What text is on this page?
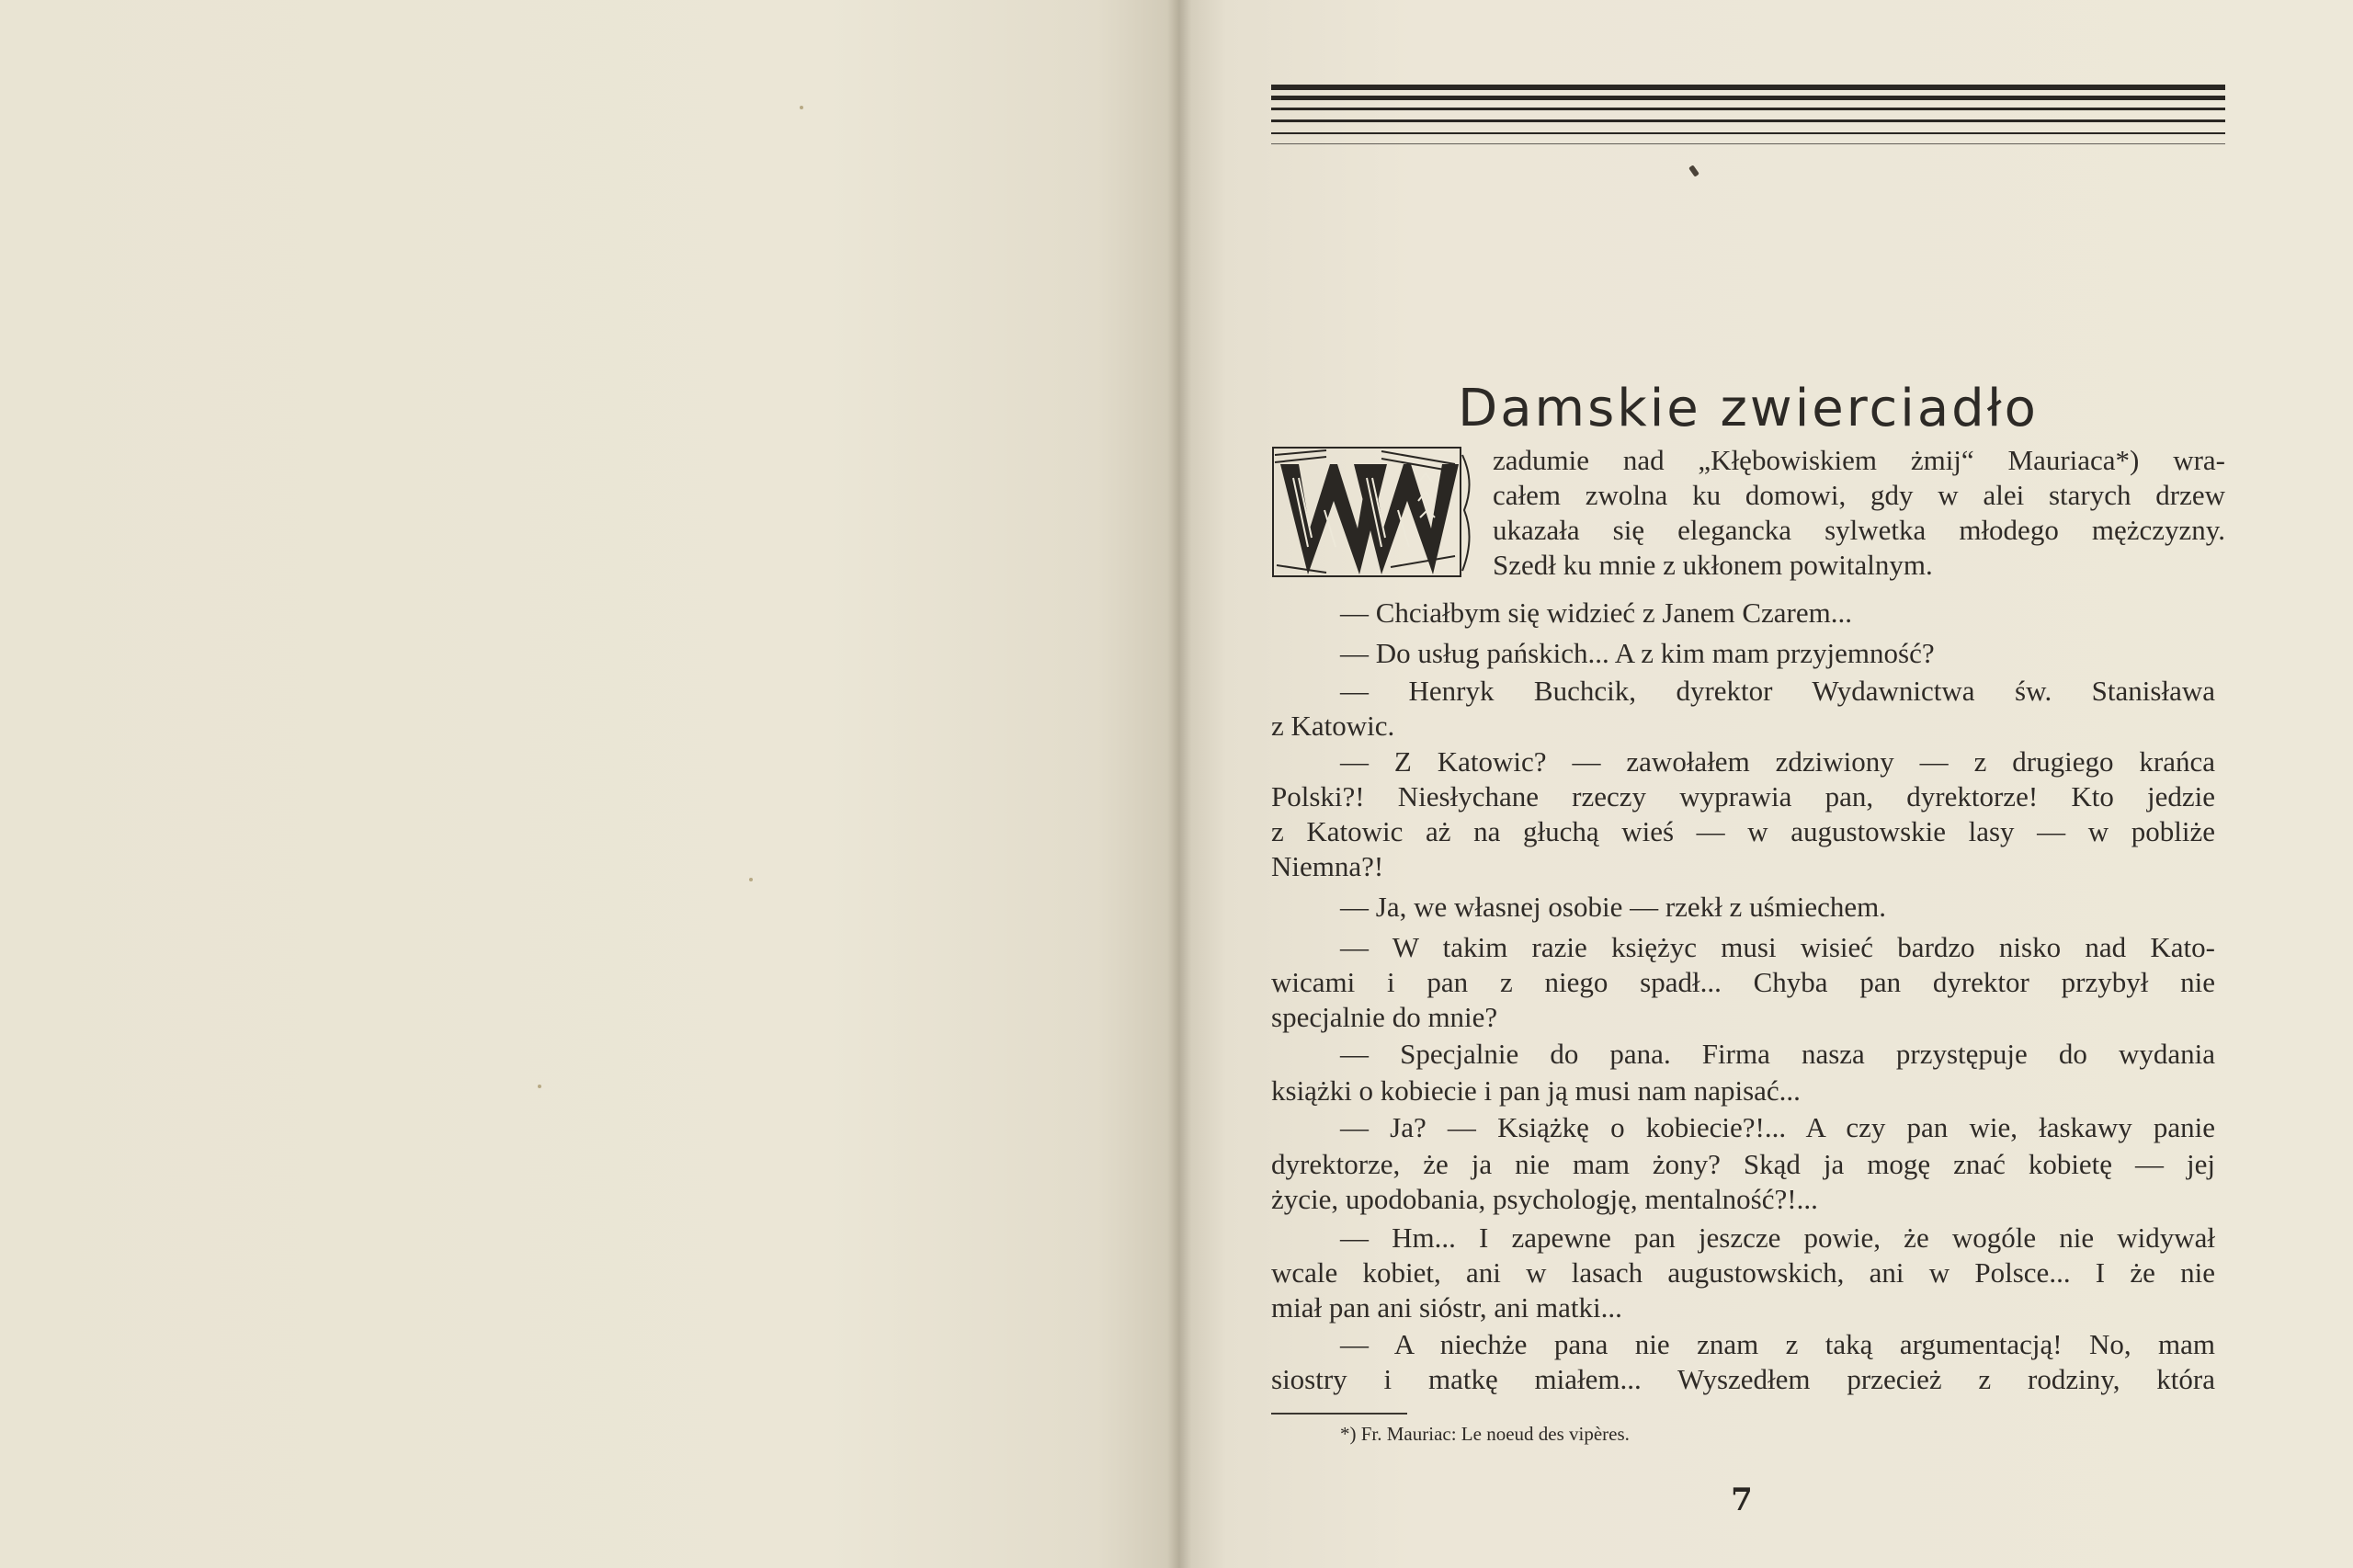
Damskie zwierciadło
zadumie nad „Kłębowiskiem żmij“ Mauriaca*) wra-
całem zwolna ku domowi, gdy w alei starych drzew
ukazała się elegancka sylwetka młodego mężczyzny.
Szedł ku mnie z ukłonem powitalnym.
— Chciałbym się widzieć z Janem Czarem...
— Do usług pańskich... A z kim mam przyjemność?
— Henryk Buchcik, dyrektor Wydawnictwa św. Stanisława
z Katowic.
— Z Katowic? — zawołałem zdziwiony — z drugiego krańca
Polski?! Niesłychane rzeczy wyprawia pan, dyrektorze! Kto jedzie
z Katowic aż na głuchą wieś — w augustowskie lasy — w pobliże
Niemna?!
— Ja, we własnej osobie — rzekł z uśmiechem.
— W takim razie księżyc musi wisieć bardzo nisko nad Kato-
wicami i pan z niego spadł... Chyba pan dyrektor przybył nie
specjalnie do mnie?
— Specjalnie do pana. Firma nasza przystępuje do wydania
książki o kobiecie i pan ją musi nam napisać...
— Ja? — Książkę o kobiecie?!... A czy pan wie, łaskawy panie
dyrektorze, że ja nie mam żony? Skąd ja mogę znać kobietę — jej
życie, upodobania, psychologję, mentalność?!...
— Hm... I zapewne pan jeszcze powie, że wogóle nie widywał
wcale kobiet, ani w lasach augustowskich, ani w Polsce... I że nie
miał pan ani sióstr, ani matki...
— A niechże pana nie znam z taką argumentacją! No, mam
siostry i matkę miałem... Wyszedłem przecież z rodziny, która
*) Fr. Mauriac: Le noeud des vipères.
7
